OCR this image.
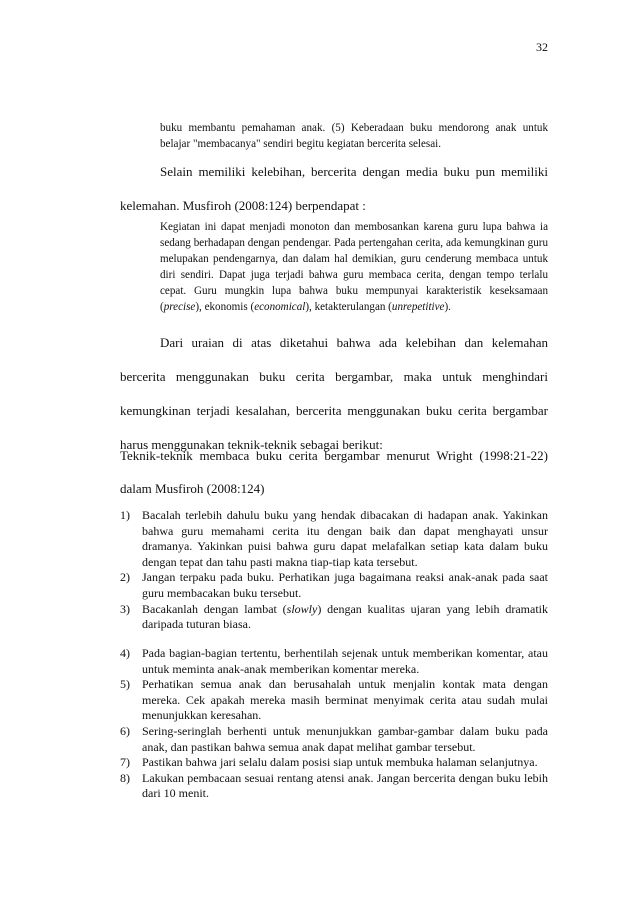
32
buku membantu pemahaman anak. (5) Keberadaan buku mendorong anak untuk belajar "membacanya" sendiri begitu kegiatan bercerita selesai.
Selain memiliki kelebihan, bercerita dengan media buku pun memiliki kelemahan. Musfiroh (2008:124) berpendapat :
Kegiatan ini dapat menjadi monoton dan membosankan karena guru lupa bahwa ia sedang berhadapan dengan pendengar. Pada pertengahan cerita, ada kemungkinan guru melupakan pendengarnya, dan dalam hal demikian, guru cenderung membaca untuk diri sendiri. Dapat juga terjadi bahwa guru membaca cerita, dengan tempo terlalu cepat. Guru mungkin lupa bahwa buku mempunyai karakteristik keseksamaan (precise), ekonomis (economical), ketakterulangan (unrepetitive).
Dari uraian di atas diketahui bahwa ada kelebihan dan kelemahan bercerita menggunakan buku cerita bergambar, maka untuk menghindari kemungkinan terjadi kesalahan, bercerita menggunakan buku cerita bergambar harus menggunakan teknik-teknik sebagai berikut:
Teknik-teknik membaca buku cerita bergambar menurut Wright (1998:21-22) dalam Musfiroh (2008:124)
1) Bacalah terlebih dahulu buku yang hendak dibacakan di hadapan anak. Yakinkan bahwa guru memahami cerita itu dengan baik dan dapat menghayati unsur dramanya. Yakinkan puisi bahwa guru dapat melafalkan setiap kata dalam buku dengan tepat dan tahu pasti makna tiap-tiap kata tersebut.
2) Jangan terpaku pada buku. Perhatikan juga bagaimana reaksi anak-anak pada saat guru membacakan buku tersebut.
3) Bacakanlah dengan lambat (slowly) dengan kualitas ujaran yang lebih dramatik daripada tuturan biasa.
4) Pada bagian-bagian tertentu, berhentilah sejenak untuk memberikan komentar, atau untuk meminta anak-anak memberikan komentar mereka.
5) Perhatikan semua anak dan berusahalah untuk menjalin kontak mata dengan mereka. Cek apakah mereka masih berminat menyimak cerita atau sudah mulai menunjukkan keresahan.
6) Sering-seringlah berhenti untuk menunjukkan gambar-gambar dalam buku pada anak, dan pastikan bahwa semua anak dapat melihat gambar tersebut.
7) Pastikan bahwa jari selalu dalam posisi siap untuk membuka halaman selanjutnya.
8) Lakukan pembacaan sesuai rentang atensi anak. Jangan bercerita dengan buku lebih dari 10 menit.
